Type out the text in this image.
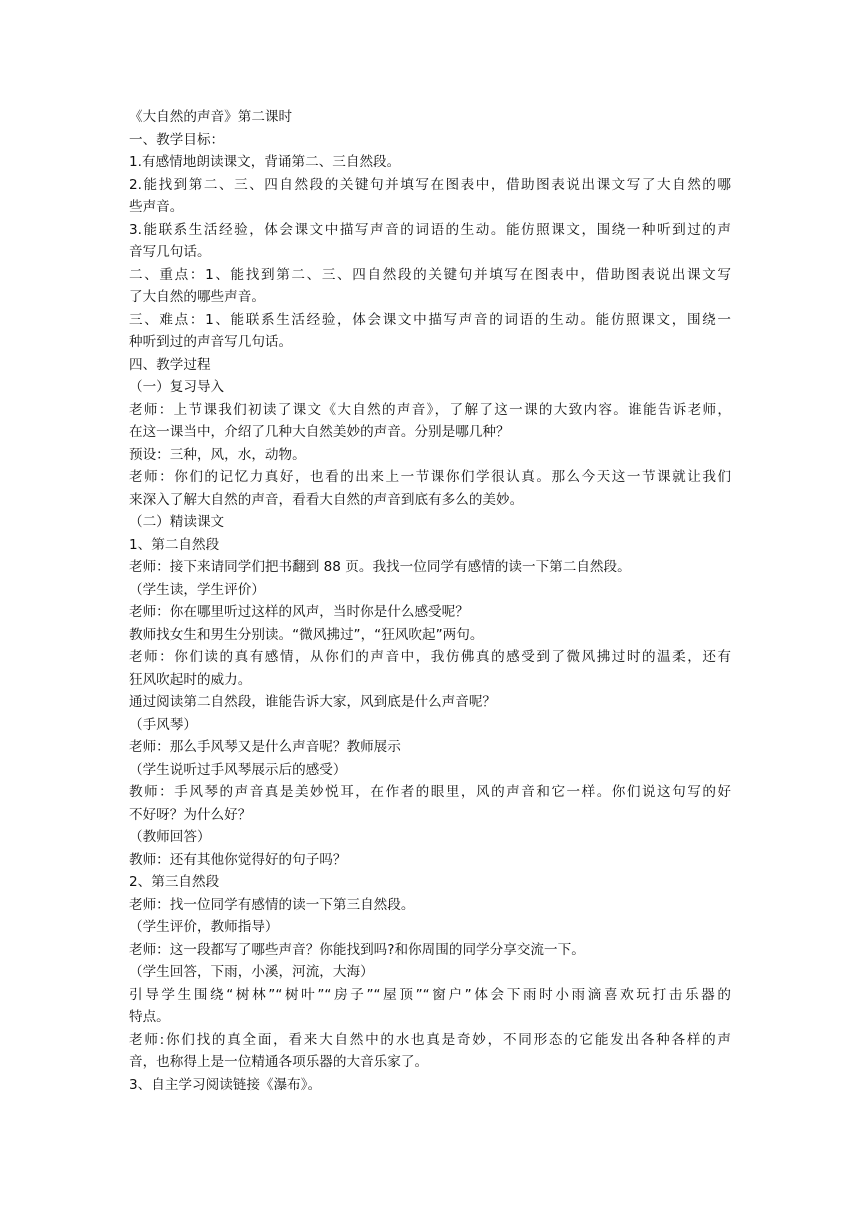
《大自然的声音》第二课时
一、教学目标：
1.有感情地朗读课文，背诵第二、三自然段。
2.能找到第二、三、四自然段的关键句并填写在图表中，借助图表说出课文写了大自然的哪
些声音。
3.能联系生活经验，体会课文中描写声音的词语的生动。能仿照课文，围绕一种听到过的声
音写几句话。
二、重点：1、能找到第二、三、四自然段的关键句并填写在图表中，借助图表说出课文写
了大自然的哪些声音。
三、难点：1、能联系生活经验，体会课文中描写声音的词语的生动。能仿照课文，围绕一
种听到过的声音写几句话。
四、教学过程
（一）复习导入
老师：上节课我们初读了课文《大自然的声音》，了解了这一课的大致内容。谁能告诉老师，
在这一课当中，介绍了几种大自然美妙的声音。分别是哪几种？
预设：三种，风，水，动物。
老师：你们的记忆力真好，也看的出来上一节课你们学很认真。那么今天这一节课就让我们
来深入了解大自然的声音，看看大自然的声音到底有多么的美妙。
（二）精读课文
1、第二自然段
老师：接下来请同学们把书翻到 88 页。我找一位同学有感情的读一下第二自然段。
（学生读，学生评价）
老师：你在哪里听过这样的风声，当时你是什么感受呢？
教师找女生和男生分别读。“微风拂过”，“狂风吹起”两句。
老师：你们读的真有感情，从你们的声音中，我仿佛真的感受到了微风拂过时的温柔，还有
狂风吹起时的威力。
通过阅读第二自然段，谁能告诉大家，风到底是什么声音呢？
（手风琴）
老师：那么手风琴又是什么声音呢？教师展示
（学生说听过手风琴展示后的感受）
教师：手风琴的声音真是美妙悦耳，在作者的眼里，风的声音和它一样。你们说这句写的好
不好呀？为什么好？
（教师回答）
教师：还有其他你觉得好的句子吗？
2、第三自然段
老师：找一位同学有感情的读一下第三自然段。
（学生评价，教师指导）
老师：这一段都写了哪些声音？你能找到吗?和你周围的同学分享交流一下。
（学生回答，下雨，小溪，河流，大海）
引导学生围绕“树林”“树叶”“房子”“屋顶”“窗户”体会下雨时小雨滴喜欢玩打击乐器的
特点。
老师:你们找的真全面，看来大自然中的水也真是奇妙，不同形态的它能发出各种各样的声
音，也称得上是一位精通各项乐器的大音乐家了。
3、自主学习阅读链接《瀑布》。
